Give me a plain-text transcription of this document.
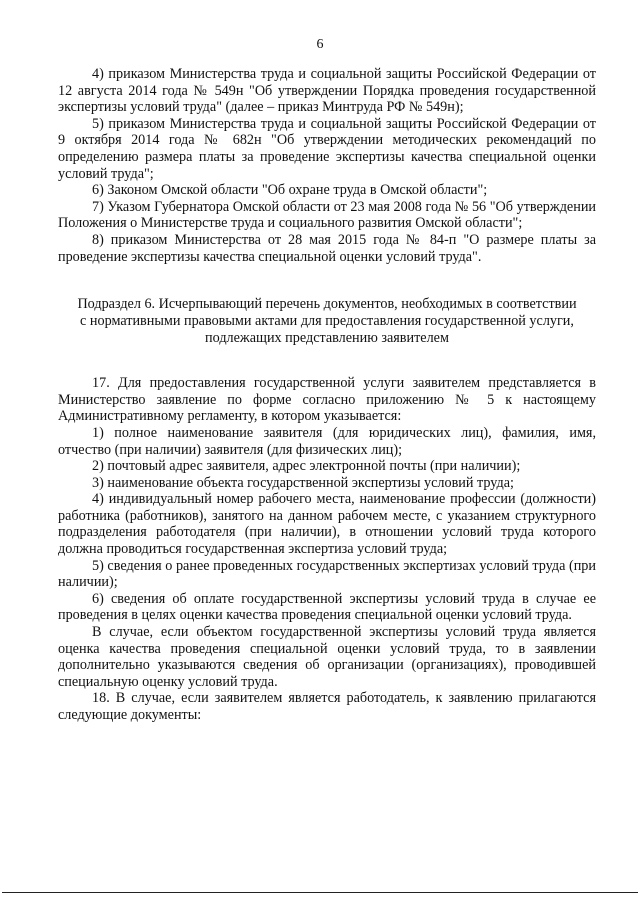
6

4) приказом Министерства труда и социальной защиты Российской Федерации от 12 августа 2014 года № 549н "Об утверждении Порядка проведения государственной экспертизы условий труда" (далее – приказ Минтруда РФ № 549н);

5) приказом Министерства труда и социальной защиты Российской Федерации от 9 октября 2014 года № 682н "Об утверждении методических рекомендаций по определению размера платы за проведение экспертизы качества специальной оценки условий труда";

6) Законом Омской области "Об охране труда в Омской области";

7) Указом Губернатора Омской области от 23 мая 2008 года № 56 "Об утверждении Положения о Министерстве труда и социального развития Омской области";

8) приказом Министерства от 28 мая 2015 года № 84-п "О размере платы за проведение экспертизы качества специальной оценки условий труда".

Подраздел 6. Исчерпывающий перечень документов, необходимых в соответствии
с нормативными правовыми актами для предоставления государственной услуги,
подлежащих представлению заявителем

17. Для предоставления государственной услуги заявителем представляется в Министерство заявление по форме согласно приложению № 5 к настоящему Административному регламенту, в котором указывается:

1) полное наименование заявителя (для юридических лиц), фамилия, имя, отчество (при наличии) заявителя (для физических лиц);

2) почтовый адрес заявителя, адрес электронной почты (при наличии);

3) наименование объекта государственной экспертизы условий труда;

4) индивидуальный номер рабочего места, наименование профессии (должности) работника (работников), занятого на данном рабочем месте, с указанием структурного подразделения работодателя (при наличии), в отношении условий труда которого должна проводиться государственная экспертиза условий труда;

5) сведения о ранее проведенных государственных экспертизах условий труда (при наличии);

6) сведения об оплате государственной экспертизы условий труда в случае ее проведения в целях оценки качества проведения специальной оценки условий труда.

В случае, если объектом государственной экспертизы условий труда является оценка качества проведения специальной оценки условий труда, то в заявлении дополнительно указываются сведения об организации (организациях), проводившей специальную оценку условий труда.

18. В случае, если заявителем является работодатель, к заявлению прилагаются следующие документы:
